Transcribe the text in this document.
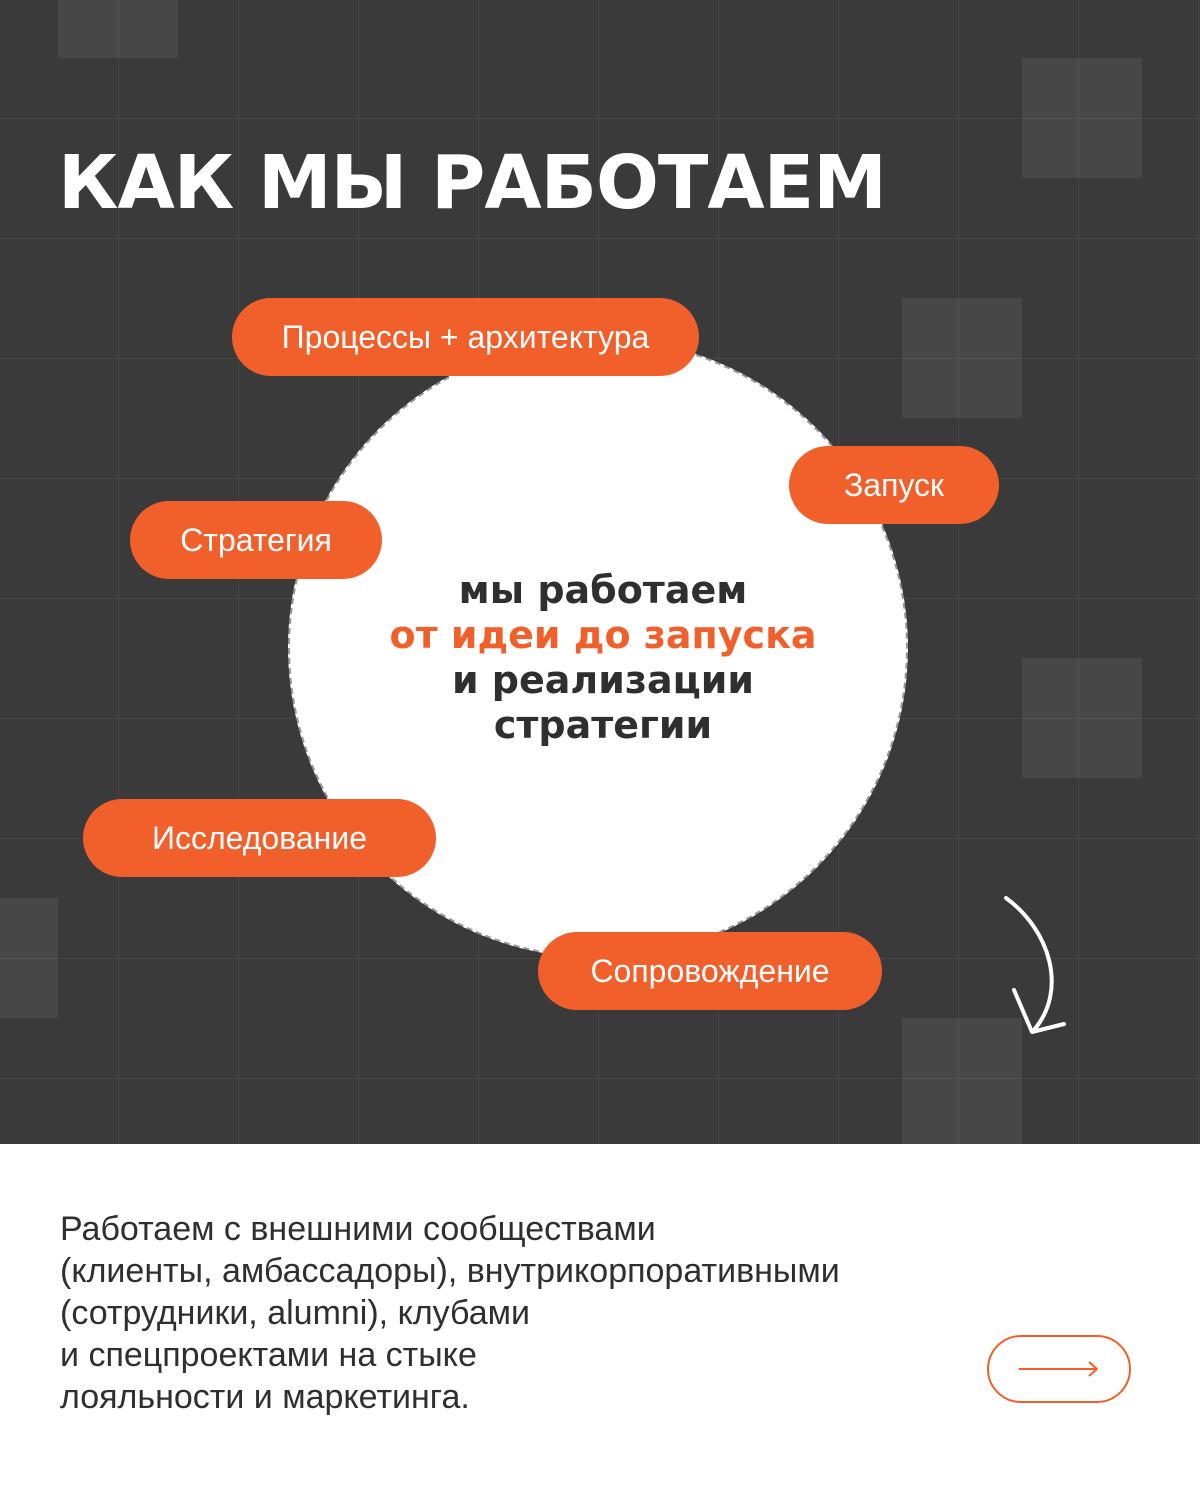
КАК МЫ РАБОТАЕМ
мы работаем
от идеи до запуска
и реализации
стратегии
Процессы + архитектура
Запуск
Стратегия
Исследование
Сопровождение
Работаем с внешними сообществами
(клиенты, амбассадоры), внутрикорпоративными
(сотрудники, alumni), клубами
и спецпроектами на стыке
лояльности и маркетинга.
